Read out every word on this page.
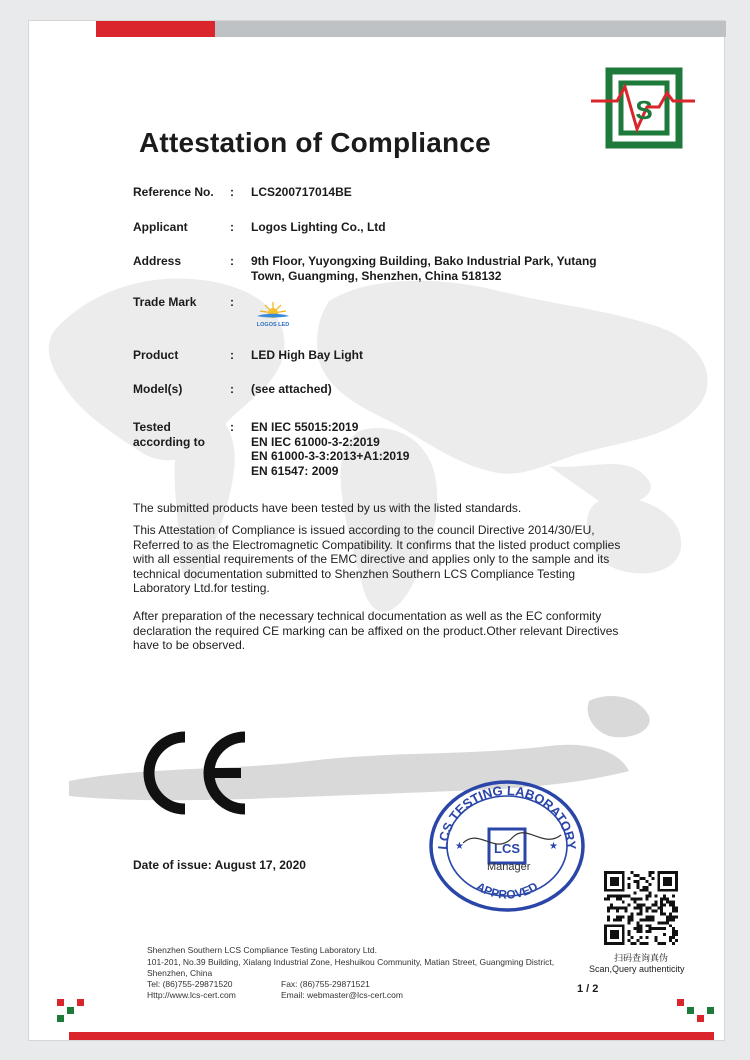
S
Attestation of Compliance
Reference No. : LCS200717014BE
Applicant	: Logos Lighting Co., Ltd
Address	: 9th Floor, Yuyongxing Building, Bako Industrial Park, Yutang
Town, Guangming, Shenzhen, China 518132
Trade Mark	:
LOGOS LED
Product	: LED High Bay Light
Model(s)	: (see attached)
Tested
according to
: EN IEC 55015:2019
EN IEC 61000-3-2:2019
EN 61000-3-3:2013+A1:2019
EN 61547: 2009
The submitted products have been tested by us with the listed standards.
This Attestation of Compliance is issued according to the council Directive 2014/30/EU,
Referred to as the Electromagnetic Compatibility. It confirms that the listed product complies
with all essential requirements of the EMC directive and applies only to the sample and its
technical documentation submitted to Shenzhen Southern LCS Compliance Testing
Laboratory Ltd.for testing.
After preparation of the necessary technical documentation as well as the EC conformity
declaration the required CE marking can be affixed on the product.Other relevant Directives
have to be observed.
LCS TESTING LABORATORY
APPROVED
LCS
★	★
Manager
Date of issue: August 17, 2020
扫码查询真伪
Scan,Query authenticity
Shenzhen Southern LCS Compliance Testing Laboratory Ltd.
101-201, No.39 Building, Xialang Industrial Zone, Heshuikou Community, Matian Street, Guangming District,
Shenzhen, China
Tel: (86)755-29871520	Fax: (86)755-29871521
Http://www.lcs-cert.com	Email: webmaster@lcs-cert.com	1 / 2
